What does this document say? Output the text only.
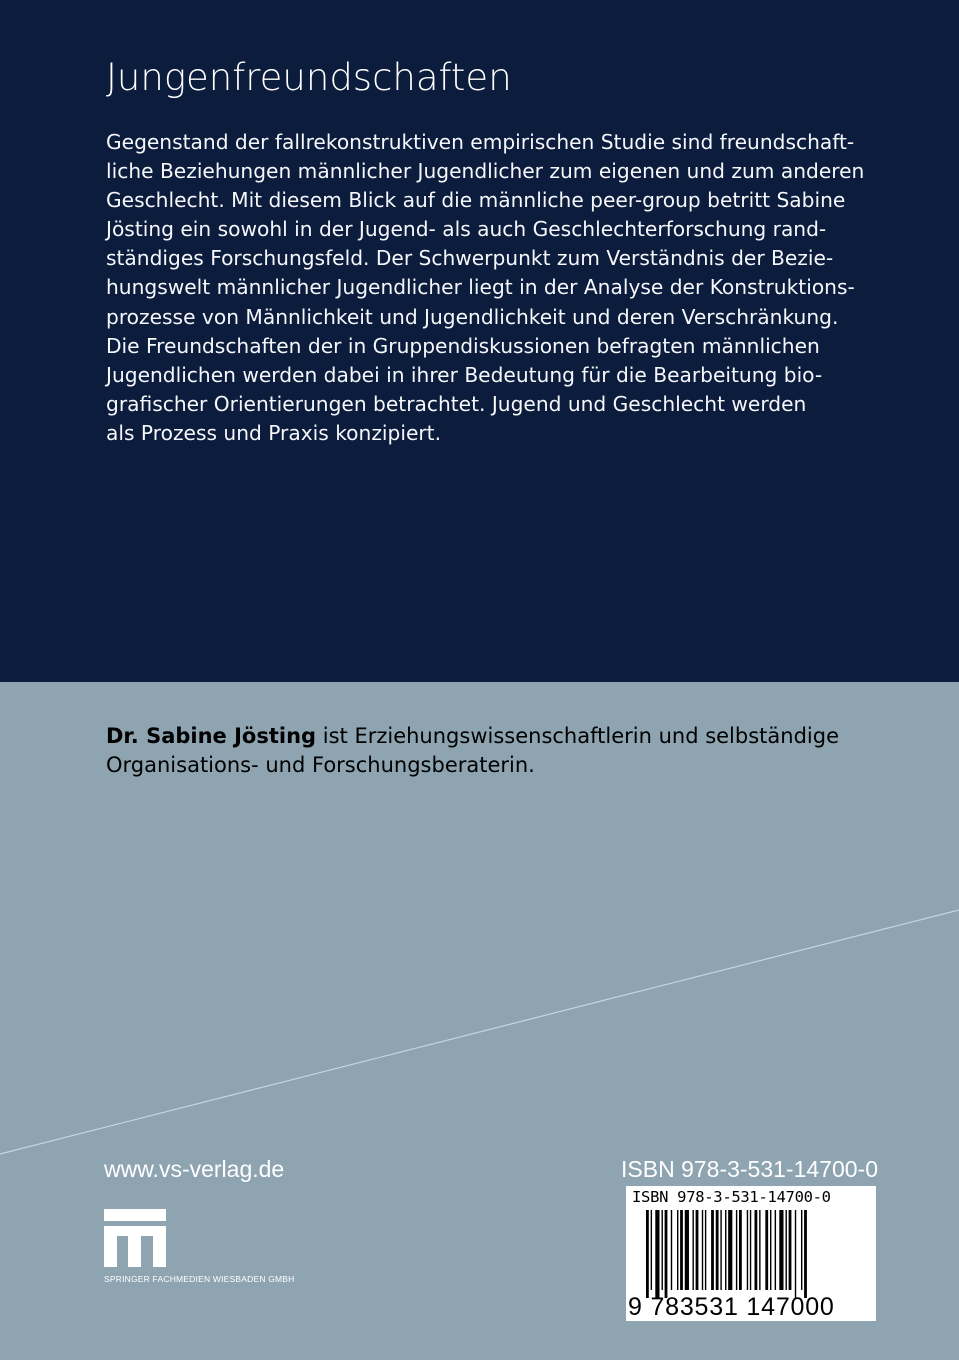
Jungenfreundschaften
Gegenstand der fallrekonstruktiven empirischen Studie sind freundschaft-
liche Beziehungen männlicher Jugendlicher zum eigenen und zum anderen
Geschlecht. Mit diesem Blick auf die männliche peer-group betritt Sabine
Jösting ein sowohl in der Jugend- als auch Geschlechterforschung rand-
ständiges Forschungsfeld. Der Schwerpunkt zum Verständnis der Bezie-
hungswelt männlicher Jugendlicher liegt in der Analyse der Konstruktions-
prozesse von Männlichkeit und Jugendlichkeit und deren Verschränkung.
Die Freundschaften der in Gruppendiskussionen befragten männlichen
Jugendlichen werden dabei in ihrer Bedeutung für die Bearbeitung bio-
grafischer Orientierungen betrachtet. Jugend und Geschlecht werden
als Prozess und Praxis konzipiert.
Dr. Sabine Jösting ist Erziehungswissenschaftlerin und selbständige
Organisations- und Forschungsberaterin.
www.vs-verlag.de	ISBN 978-3-531-14700-0
SPRINGER FACHMEDIEN WIESBADEN GMBH
ISBN 978-3-531-14700-0
9 783531 147000
